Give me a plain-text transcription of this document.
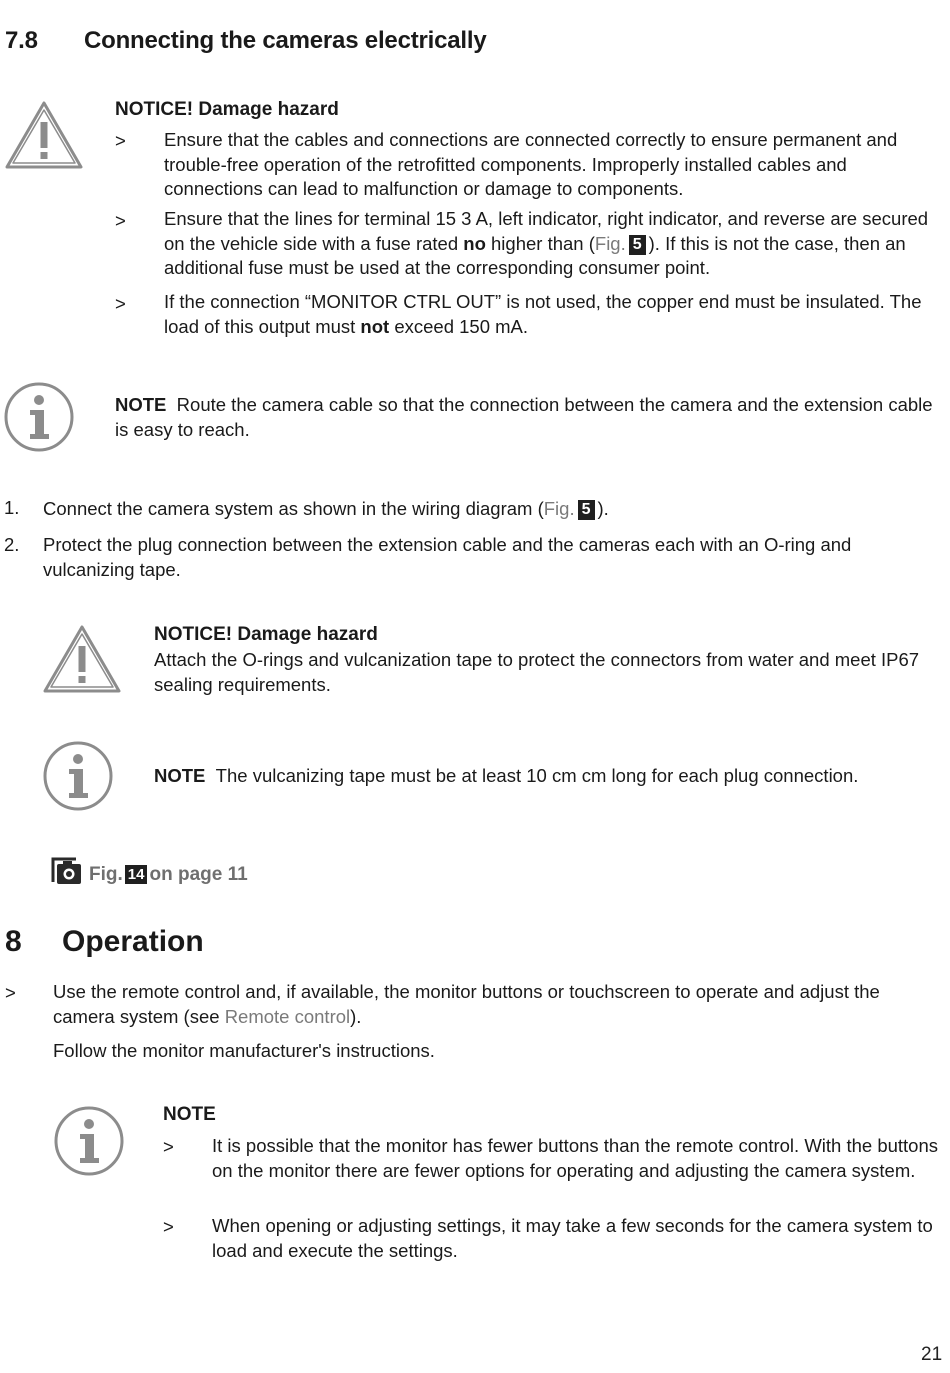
7.8 Connecting the cameras electrically
NOTICE! Damage hazard
>	Ensure that the cables and connections are connected correctly to ensure permanent and trouble-free operation of the retrofitted components. Improperly installed cables and connections can lead to malfunction or damage to components.
>	Ensure that the lines for terminal 15 3 A, left indicator, right indicator, and reverse are secured on the vehicle side with a fuse rated no higher than (Fig. 5 ). If this is not the case, then an additional fuse must be used at the corresponding consumer point.
>	If the connection “MONITOR CTRL OUT” is not used, the copper end must be insulated. The load of this output must not exceed 150 mA.
NOTE Route the camera cable so that the connection between the camera and the extension cable is easy to reach.
1. Connect the camera system as shown in the wiring diagram (Fig. 5 ).
2. Protect the plug connection between the extension cable and the cameras each with an O-ring and vulcanizing tape.
NOTICE! Damage hazard
Attach the O-rings and vulcanization tape to protect the connectors from water and meet IP67 sealing requirements.
NOTE The vulcanizing tape must be at least 10 cm cm long for each plug connection.
Fig. 14 on page 11
8 Operation
> Use the remote control and, if available, the monitor buttons or touchscreen to operate and adjust the camera system (see Remote control).
Follow the monitor manufacturer's instructions.
NOTE
>	It is possible that the monitor has fewer buttons than the remote control. With the buttons on the monitor there are fewer options for operating and adjusting the camera system.
>	When opening or adjusting settings, it may take a few seconds for the camera system to load and execute the settings.
21
